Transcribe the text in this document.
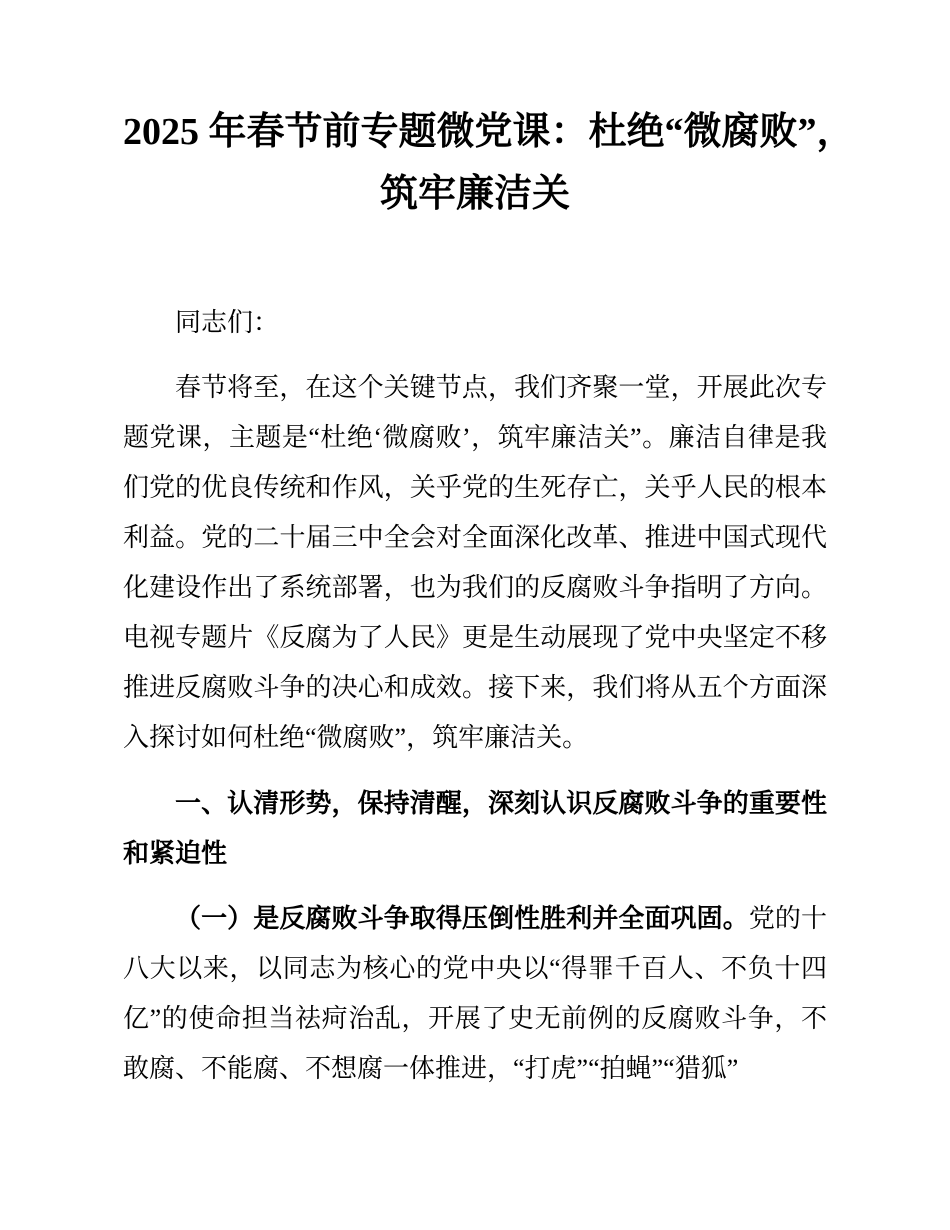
2025 年春节前专题微党课：杜绝“微腐败”，
筑牢廉洁关

同志们：

春节将至，在这个关键节点，我们齐聚一堂，开展此次专题党课，主题是“杜绝‘微腐败’，筑牢廉洁关”。廉洁自律是我们党的优良传统和作风，关乎党的生死存亡，关乎人民的根本利益。党的二十届三中全会对全面深化改革、推进中国式现代化建设作出了系统部署，也为我们的反腐败斗争指明了方向。电视专题片《反腐为了人民》更是生动展现了党中央坚定不移推进反腐败斗争的决心和成效。接下来，我们将从五个方面深入探讨如何杜绝“微腐败”，筑牢廉洁关。

一、认清形势，保持清醒，深刻认识反腐败斗争的重要性和紧迫性

（一）是反腐败斗争取得压倒性胜利并全面巩固。党的十八大以来，以同志为核心的党中央以“得罪千百人、不负十四亿”的使命担当祛疴治乱，开展了史无前例的反腐败斗争，不敢腐、不能腐、不想腐一体推进，“打虎”“拍蝇”“猎狐”
